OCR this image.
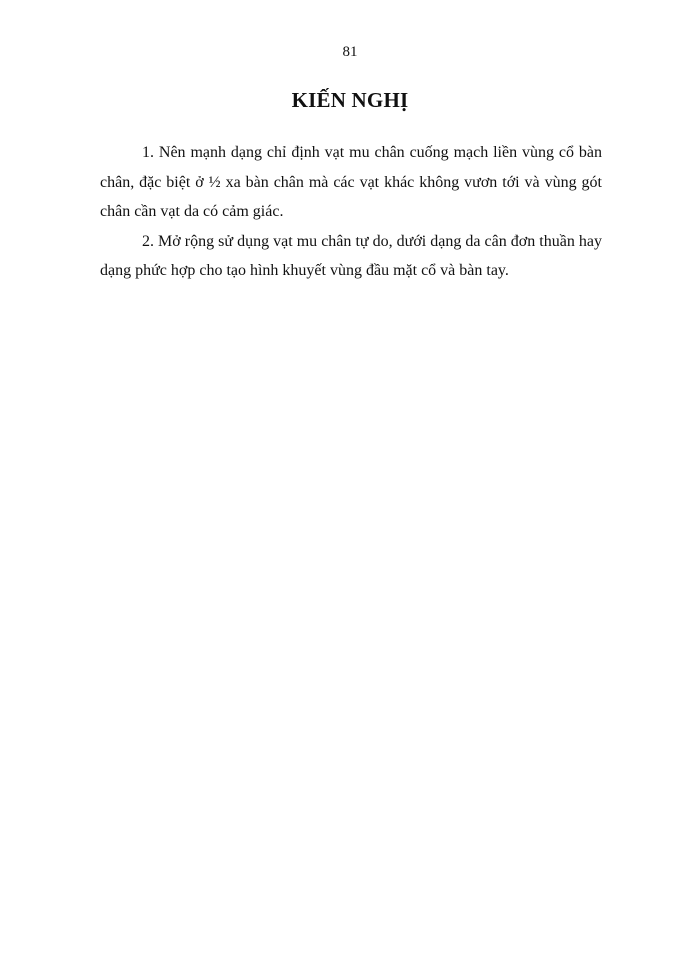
81
KIẾN NGHỊ

1. Nên mạnh dạng chỉ định vạt mu chân cuống mạch liền vùng cổ bàn chân, đặc biệt ở ½ xa bàn chân mà các vạt khác không vươn tới và vùng gót chân cần vạt da có cảm giác.

2. Mở rộng sử dụng vạt mu chân tự do, dưới dạng da cân đơn thuần hay dạng phức hợp cho tạo hình khuyết vùng đầu mặt cổ và bàn tay.
